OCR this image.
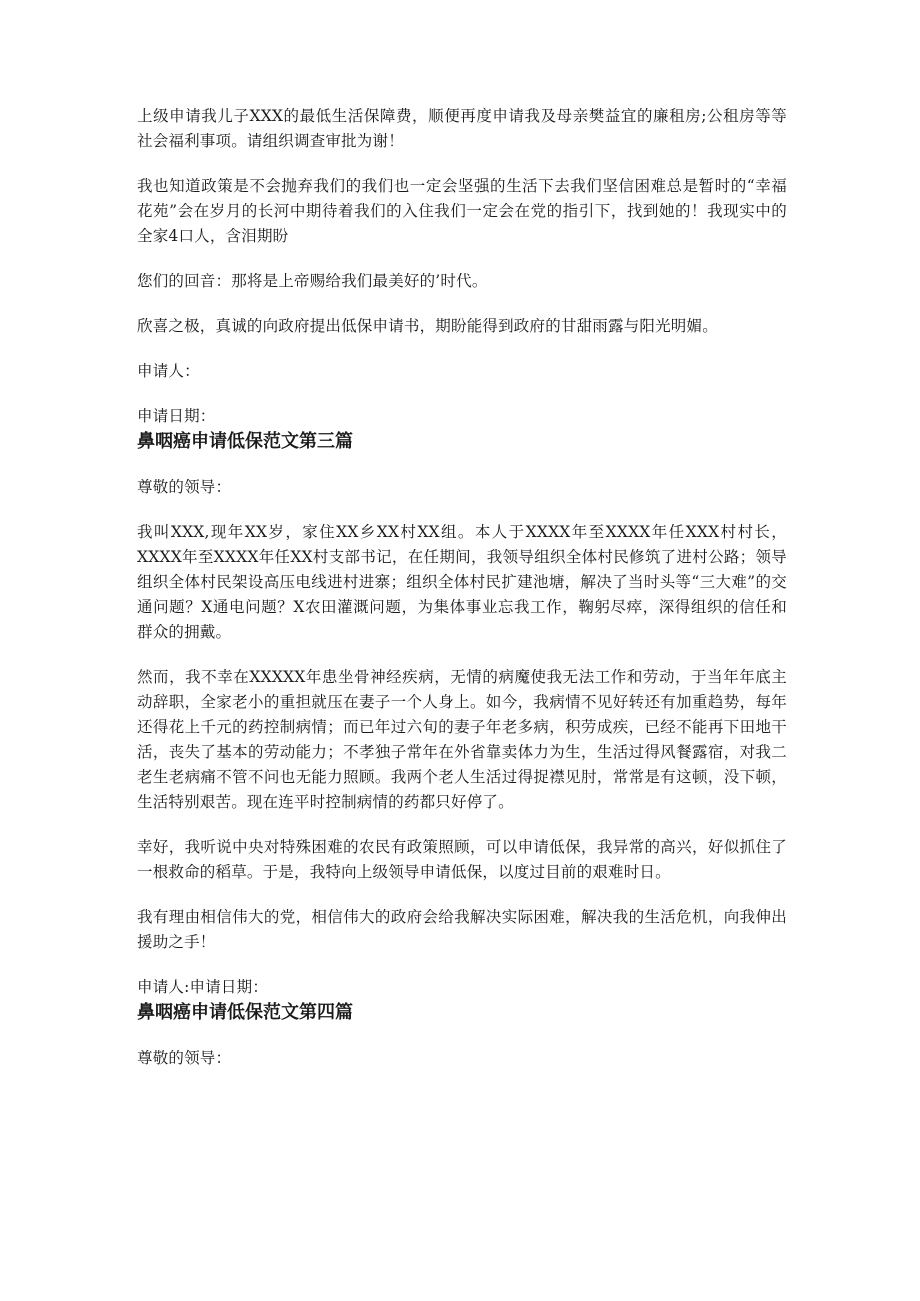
上级申请我儿子XXX的最低生活保障费，顺便再度申请我及母亲樊益宜的廉租房;公租房等等社会福利事项。请组织调查审批为谢！

我也知道政策是不会抛弃我们的我们也一定会坚强的生活下去我们坚信困难总是暂时的“幸福花苑”会在岁月的长河中期待着我们的入住我们一定会在党的指引下，找到她的！我现实中的全家4口人，含泪期盼

您们的回音：那将是上帝赐给我们最美好的’时代。

欣喜之极，真诚的向政府提出低保申请书，期盼能得到政府的甘甜雨露与阳光明媚。

申请人：

申请日期：

鼻咽癌申请低保范文第三篇

尊敬的领导：

我叫XXX,现年XX岁，家住XX乡XX村XX组。本人于XXXX年至XXXX年任XXX村村长，XXXX年至XXXX年任XX村支部书记，在任期间，我领导组织全体村民修筑了进村公路；领导组织全体村民架设高压电线进村进寨；组织全体村民扩建池塘，解决了当时头等“三大难”的交通问题？X通电问题？X农田灌溉问题，为集体事业忘我工作，鞠躬尽瘁，深得组织的信任和群众的拥戴。

然而，我不幸在XXXXX年患坐骨神经疾病，无情的病魔使我无法工作和劳动，于当年年底主动辞职，全家老小的重担就压在妻子一个人身上。如今，我病情不见好转还有加重趋势，每年还得花上千元的药控制病情；而已年过六旬的妻子年老多病，积劳成疾，已经不能再下田地干活，丧失了基本的劳动能力；不孝独子常年在外省靠卖体力为生，生活过得风餐露宿，对我二老生老病痛不管不问也无能力照顾。我两个老人生活过得捉襟见肘，常常是有这顿，没下顿，生活特别艰苦。现在连平时控制病情的药都只好停了。

幸好，我听说中央对特殊困难的农民有政策照顾，可以申请低保，我异常的高兴，好似抓住了一根救命的稻草。于是，我特向上级领导申请低保，以度过目前的艰难时日。

我有理由相信伟大的党，相信伟大的政府会给我解决实际困难，解决我的生活危机，向我伸出援助之手！

申请人:申请日期：

鼻咽癌申请低保范文第四篇

尊敬的领导：
